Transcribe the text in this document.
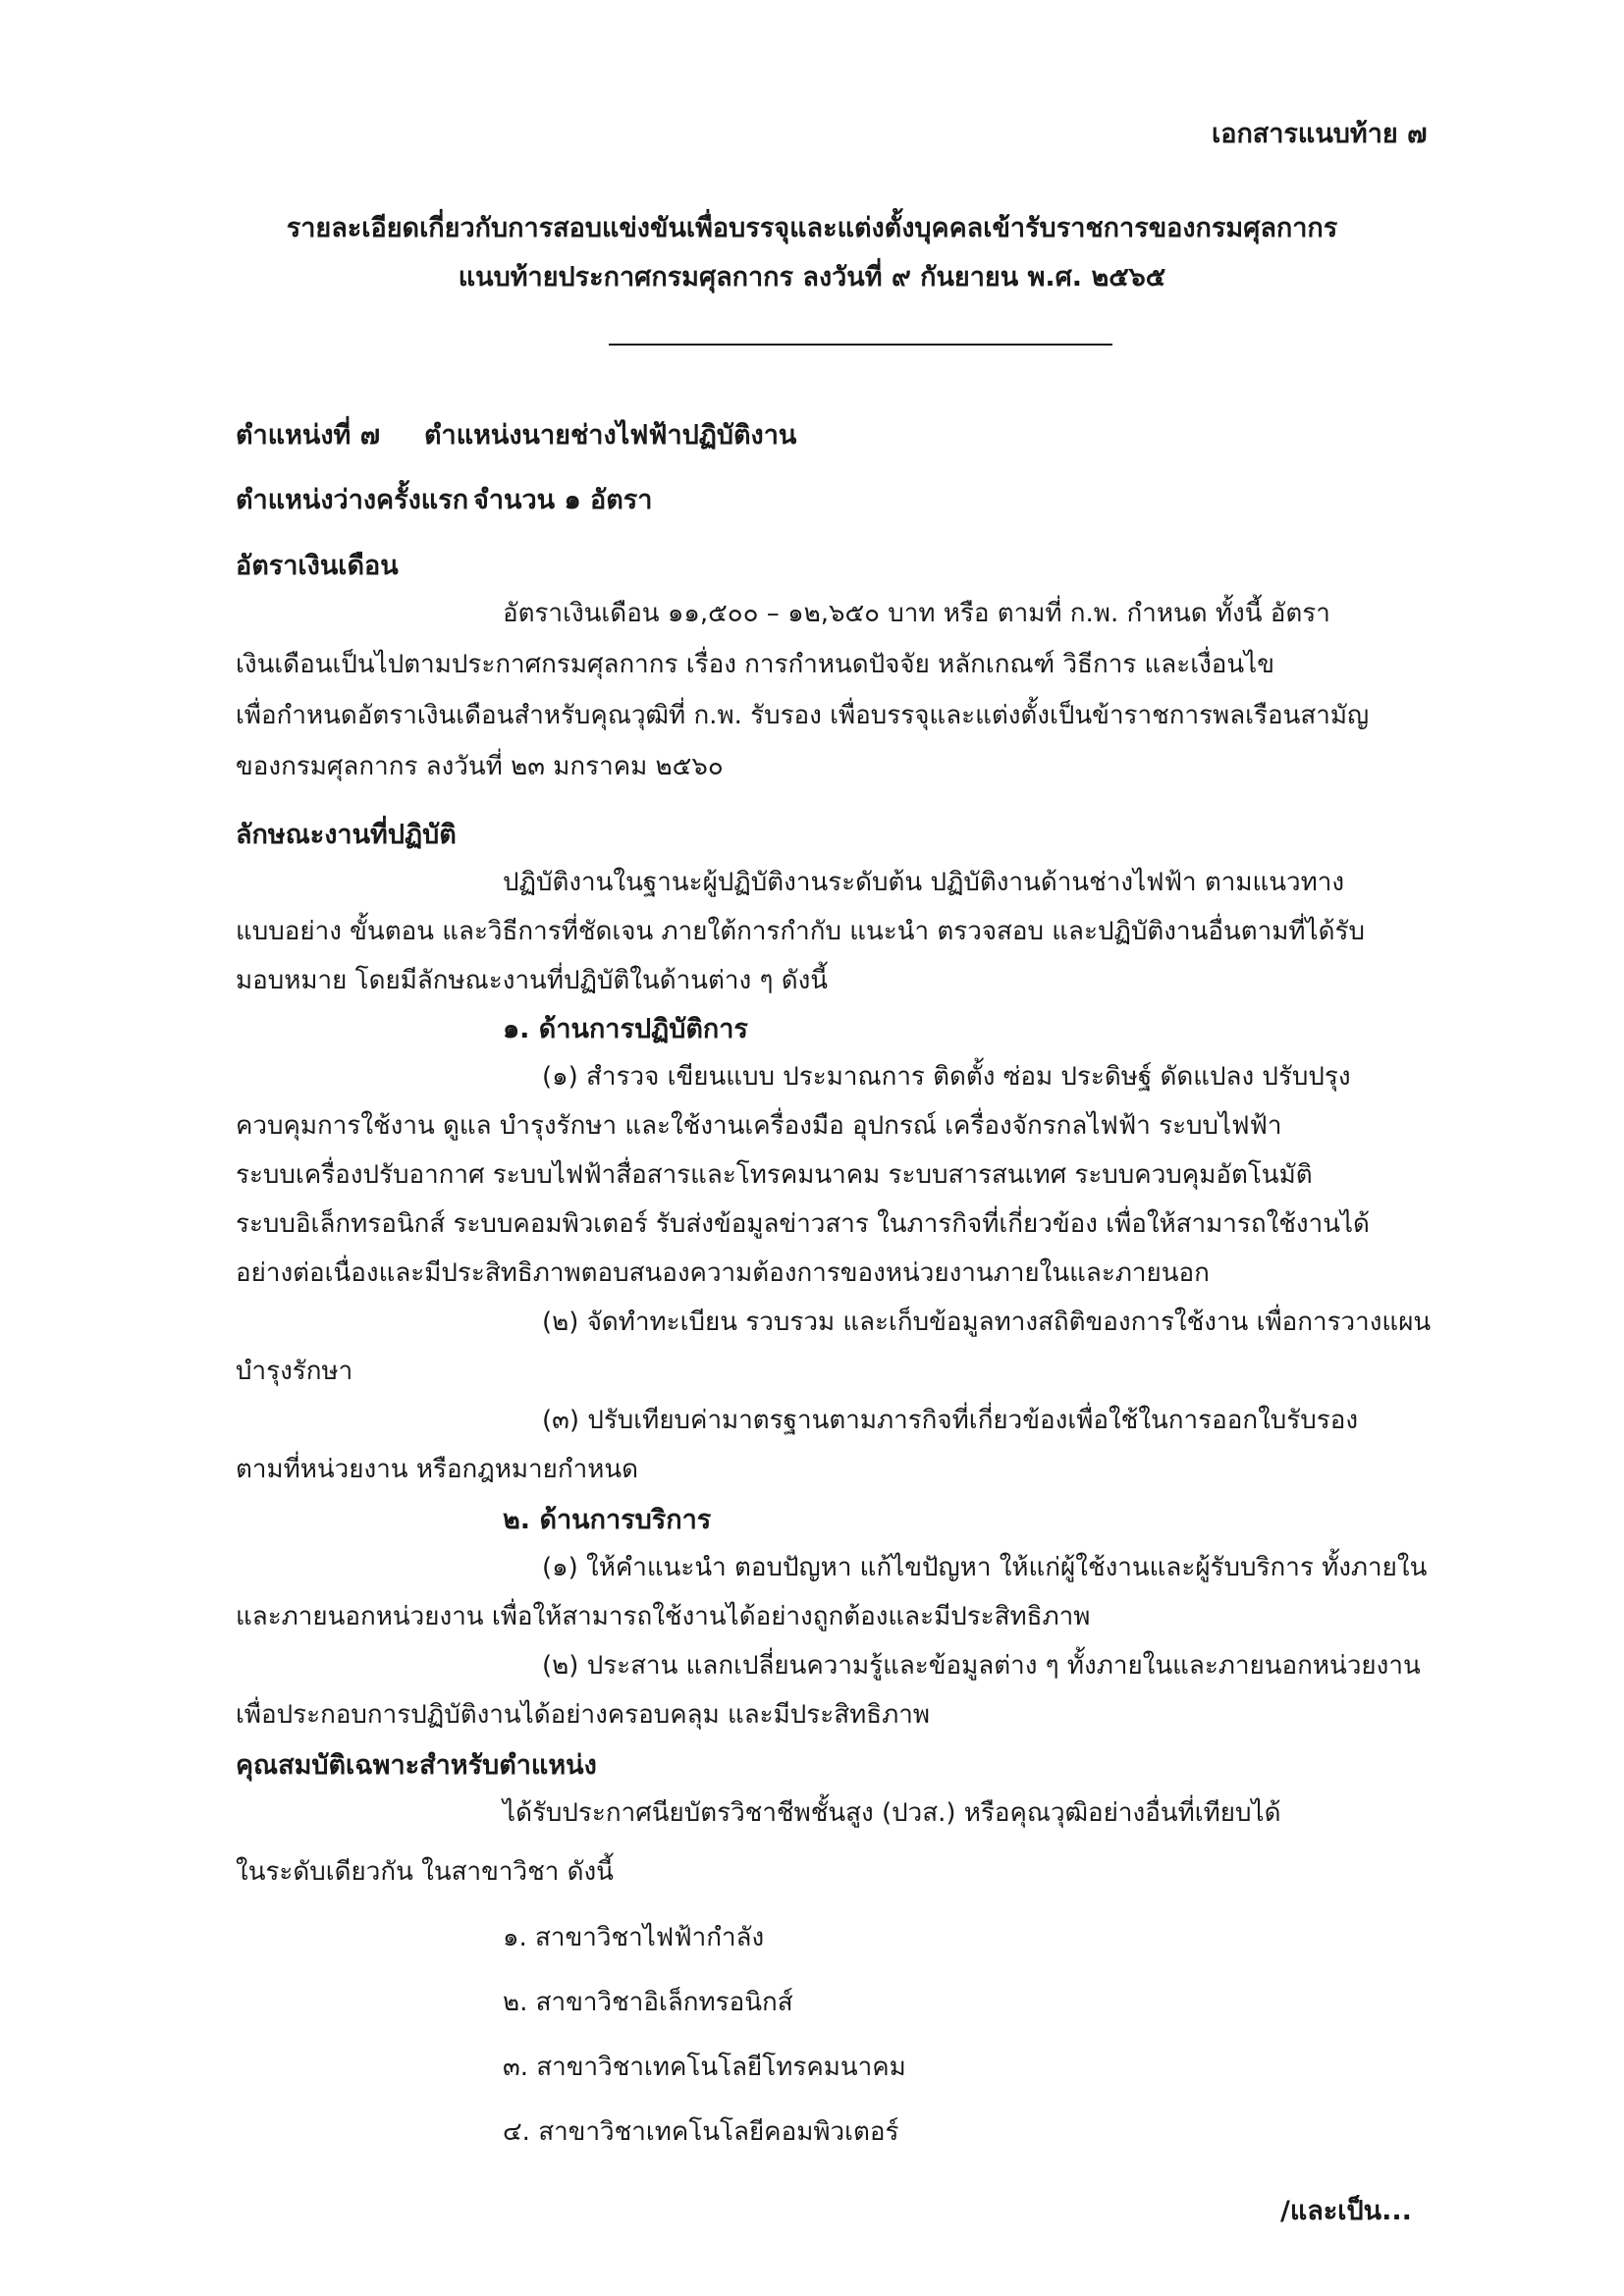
เอกสารแนบท้าย ๗
รายละเอียดเกี่ยวกับการสอบแข่งขันเพื่อบรรจุและแต่งตั้งบุคคลเข้ารับราชการของกรมศุลกากร
แนบท้ายประกาศกรมศุลกากร ลงวันที่ ๙ กันยายน พ.ศ. ๒๕๖๕
ตำแหน่งที่ ๗ ตำแหน่งนายช่างไฟฟ้าปฏิบัติงาน
ตำแหน่งว่างครั้งแรก จำนวน ๑ อัตรา
อัตราเงินเดือน
อัตราเงินเดือน ๑๑,๕๐๐ – ๑๒,๖๕๐ บาท หรือ ตามที่ ก.พ. กำหนด ทั้งนี้ อัตรา
เงินเดือนเป็นไปตามประกาศกรมศุลกากร เรื่อง การกำหนดปัจจัย หลักเกณฑ์ วิธีการ และเงื่อนไข
เพื่อกำหนดอัตราเงินเดือนสำหรับคุณวุฒิที่ ก.พ. รับรอง เพื่อบรรจุและแต่งตั้งเป็นข้าราชการพลเรือนสามัญ
ของกรมศุลกากร ลงวันที่ ๒๓ มกราคม ๒๕๖๐
ลักษณะงานที่ปฏิบัติ
ปฏิบัติงานในฐานะผู้ปฏิบัติงานระดับต้น ปฏิบัติงานด้านช่างไฟฟ้า ตามแนวทาง
แบบอย่าง ขั้นตอน และวิธีการที่ชัดเจน ภายใต้การกำกับ แนะนำ ตรวจสอบ และปฏิบัติงานอื่นตามที่ได้รับ
มอบหมาย โดยมีลักษณะงานที่ปฏิบัติในด้านต่าง ๆ ดังนี้
๑. ด้านการปฏิบัติการ
(๑) สำรวจ เขียนแบบ ประมาณการ ติดตั้ง ซ่อม ประดิษฐ์ ดัดแปลง ปรับปรุง
ควบคุมการใช้งาน ดูแล บำรุงรักษา และใช้งานเครื่องมือ อุปกรณ์ เครื่องจักรกลไฟฟ้า ระบบไฟฟ้า
ระบบเครื่องปรับอากาศ ระบบไฟฟ้าสื่อสารและโทรคมนาคม ระบบสารสนเทศ ระบบควบคุมอัตโนมัติ
ระบบอิเล็กทรอนิกส์ ระบบคอมพิวเตอร์ รับส่งข้อมูลข่าวสาร ในภารกิจที่เกี่ยวข้อง เพื่อให้สามารถใช้งานได้
อย่างต่อเนื่องและมีประสิทธิภาพตอบสนองความต้องการของหน่วยงานภายในและภายนอก
(๒) จัดทำทะเบียน รวบรวม และเก็บข้อมูลทางสถิติของการใช้งาน เพื่อการวางแผน
บำรุงรักษา
(๓) ปรับเทียบค่ามาตรฐานตามภารกิจที่เกี่ยวข้องเพื่อใช้ในการออกใบรับรอง
ตามที่หน่วยงาน หรือกฎหมายกำหนด
๒. ด้านการบริการ
(๑) ให้คำแนะนำ ตอบปัญหา แก้ไขปัญหา ให้แก่ผู้ใช้งานและผู้รับบริการ ทั้งภายใน
และภายนอกหน่วยงาน เพื่อให้สามารถใช้งานได้อย่างถูกต้องและมีประสิทธิภาพ
(๒) ประสาน แลกเปลี่ยนความรู้และข้อมูลต่าง ๆ ทั้งภายในและภายนอกหน่วยงาน
เพื่อประกอบการปฏิบัติงานได้อย่างครอบคลุม และมีประสิทธิภาพ
คุณสมบัติเฉพาะสำหรับตำแหน่ง
ได้รับประกาศนียบัตรวิชาชีพชั้นสูง (ปวส.) หรือคุณวุฒิอย่างอื่นที่เทียบได้
ในระดับเดียวกัน ในสาขาวิชา ดังนี้
๑. สาขาวิชาไฟฟ้ากำลัง
๒. สาขาวิชาอิเล็กทรอนิกส์
๓. สาขาวิชาเทคโนโลยีโทรคมนาคม
๔. สาขาวิชาเทคโนโลยีคอมพิวเตอร์
/และเป็น...
